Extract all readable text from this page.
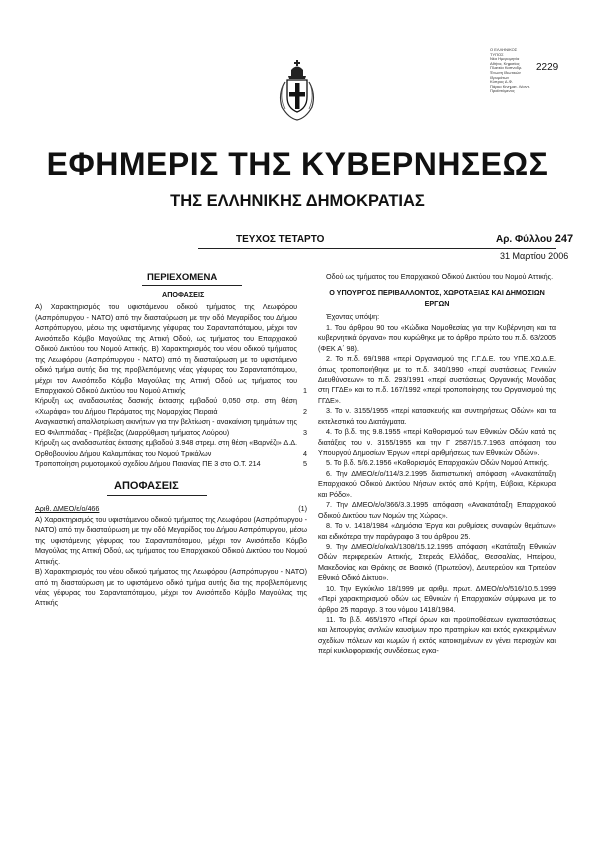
Ο ΕΛΛΗΝΙΚΟΣ
ΤΥΠΟΣ
Νέα Ημερομηνία
Αθήνα, Κηφισίας
Πλατεία Καπνοδρ.
Ένωση Ιδιωτικών
Ιδρυμάτων
Κύπρος Δ.Φ.
Πάρκο Κινηματ. Λέοντ.
Προϊστάμενος
2229
ΕΦΗΜΕΡΙΣ ΤΗΣ ΚΥΒΕΡΝΗΣΕΩΣ
ΤΗΣ ΕΛΛΗΝΙΚΗΣ ΔΗΜΟΚΡΑΤΙΑΣ
ΤΕΥΧΟΣ ΤΕΤΑΡΤΟ	Αρ. Φύλλου 247
31 Μαρτίου 2006
ΠΕΡΙΕΧΟΜΕΝΑ
ΑΠΟΦΑΣΕΙΣ
Α) Χαρακτηρισμός του υφιστάμενου οδικού τμήματος της Λεωφόρου (Ασπρόπυργου - ΝΑΤΟ) από την διασταύρωση με την οδό Μεγαρίδος του Δήμου Ασπρόπυργου, μέσω της υφιστάμενης γέφυρας του Σαρανταπόταμου, μέχρι τον Ανισόπεδο Κόμβο Μαγούλας της Αττική Οδού, ως τμήματος του Επαρχιακού Οδικού Δικτύου του Νομού Αττικής. Β) Χαρακτηρισμός του νέου οδικού τμήματος της Λεωφόρου (Ασπρόπυργου - ΝΑΤΟ) από τη διασταύρωση με το υφιστάμενο οδικό τμήμα αυτής δια της προβλεπόμενης νέας γέφυρας του Σαρανταπόταμου, μέχρι τον Ανισόπεδο Κόμβο Μαγούλας της Αττική Οδού ως τμήματος του Επαρχιακού Οδικού Δικτύου του Νομού Αττικής	1
Κήρυξη ως αναδασωτέας δασικής έκτασης εμβαδού 0,050 στρ. στη θέση «Χωράφα» του Δήμου Περάματος της Νομαρχίας Πειραιά	2
Αναγκαστική απαλλοτρίωση ακινήτων για την βελτίωση - ανακαίνιση τμημάτων της ΕΟ Φιλιππιάδας - Πρέβεζας (Διαρρύθμιση τμήματος Λούρου)	3
Κήρυξη ως αναδασωτέας έκτασης εμβαδού 3.948 στρεμ. στη θέση «Βαρνέζι» Δ.Δ. Ορθοβουνίου Δήμου Καλαμπάκας του Νομού Τρικάλων	4
Τροποποίηση ρυμοτομικού σχεδίου Δήμου Παιανίας ΠΕ 3 στο Ο.Τ. 214	5
ΑΠΟΦΑΣΕΙΣ
Αριθ. ΔΜΕΟ/ε/ο/466	(1)

Α) Χαρακτηρισμός του υφιστάμενου οδικού τμήματος της Λεωφόρου (Ασπρόπυργου - ΝΑΤΟ) από την διασταύρωση με την οδό Μεγαρίδος του Δήμου Ασπρόπυργου, μέσω της υφιστάμενης γέφυρας του Σαρανταπόταμου, μέχρι τον Ανισόπεδο Κόμβο Μαγούλας της Αττική Οδού, ως τμήματος του Επαρχιακού Οδικού Δικτύου του Νομού Αττικής.

Β) Χαρακτηρισμός του νέου οδικού τμήματος της Λεωφόρου (Ασπρόπυργου - ΝΑΤΟ) από τη διασταύρωση με το υφιστάμενο οδικό τμήμα αυτής δια της προβλεπόμενης νέας γέφυρας του Σαρανταπόταμου, μέχρι τον Ανισόπεδο Κόμβο Μαγούλας της Αττικής

Οδού ως τμήματος του Επαρχιακού Οδικού Δικτύου του Νομού Αττικής.

Ο ΥΠΟΥΡΓΟΣ ΠΕΡΙΒΑΛΛΟΝΤΟΣ, ΧΩΡΟΤΑΞΙΑΣ ΚΑΙ ΔΗΜΟΣΙΩΝ ΕΡΓΩΝ

Έχοντας υπόψη:

1. Του άρθρου 90 του «Κώδικα Νομοθεσίας για την Κυβέρνηση και τα κυβερνητικά όργανα» που κυρώθηκε με το άρθρο πρώτο του π.δ. 63/2005 (ΦΕΚ Α΄ 98).

2. Το π.δ. 69/1988 «περί Οργανισμού της Γ.Γ.Δ.Ε. του ΥΠΕ.ΧΩ.Δ.Ε. όπως τροποποιήθηκε με το π.δ. 340/1990 «περί συστάσεως Γενικών Διευθύνσεων» το π.δ. 293/1991 «περί συστάσεως Οργανικής Μονάδας στη ΓΓΔΕ» και το π.δ. 167/1992 «περί τροποποίησης του Οργανισμού της ΓΓΔΕ».

3. Το ν. 3155/1955 «περί κατασκευής και συντηρήσεως Οδών» και τα εκτελεστικά του Διατάγματα.

4. Το β.δ. της 9.8.1955 «περί Καθορισμού των Εθνικών Οδών κατά τις διατάξεις του ν. 3155/1955 και την Γ 2587/15.7.1963 απόφαση του Υπουργού Δημοσίων Έργων «περί αριθμήσεως των Εθνικών Οδών».

5. Το β.δ. 5/6.2.1956 «Καθορισμός Επαρχιακών Οδών Νομού Αττικής.

6. Την ΔΜΕΟ/ε/ο/114/3.2.1995 διαπιστωτική απόφαση «Ανακατάταξη Επαρχιακού Οδικού Δικτύου Νήσων εκτός από Κρήτη, Εύβοια, Κέρκυρα και Ρόδο».

7. Την ΔΜΕΟ/ε/ο/366/3.3.1995 απόφαση «Ανακατάταξη Επαρχιακού Οδικού Δικτύου των Νομών της Χώρας».

8. Το ν. 1418/1984 «Δημόσια Έργα και ρυθμίσεις συναφών θεμάτων» και ειδικότερα την παράγραφο 3 του άρθρου 25.

9. Την ΔΜΕΟ/ε/ο/καλ/1308/15.12.1995 απόφαση «Κατάταξη Εθνικών Οδών περιφερειών Αττικής, Στερεάς Ελλάδας, Θεσσαλίας, Ηπείρου, Μακεδονίας και Θράκης σε Βασικό (Πρωτεύον), Δευτερεύον και Τριτεύον Εθνικό Οδικό Δίκτυο».

10. Την Εγκύκλιο 18/1999 με αριθμ. πρωτ. ΔΜΕΟ/ε/ο/516/10.5.1999 «Περί χαρακτηρισμού οδών ως Εθνικών ή Επαρχιακών σύμφωνα με το άρθρο 25 παραγρ. 3 του νόμου 1418/1984.

11. Το β.δ. 465/1970 «Περί όρων και προϋποθέσεων εγκαταστάσεως και λειτουργίας αντλιών καυσίμων προ πρατηρίων και εκτός εγκεκριμένων σχεδίων πόλεων και κωμών ή εκτός κατοικημένων εν γένει περιοχών και περί κυκλοφοριακής συνδέσεως εγκα-
